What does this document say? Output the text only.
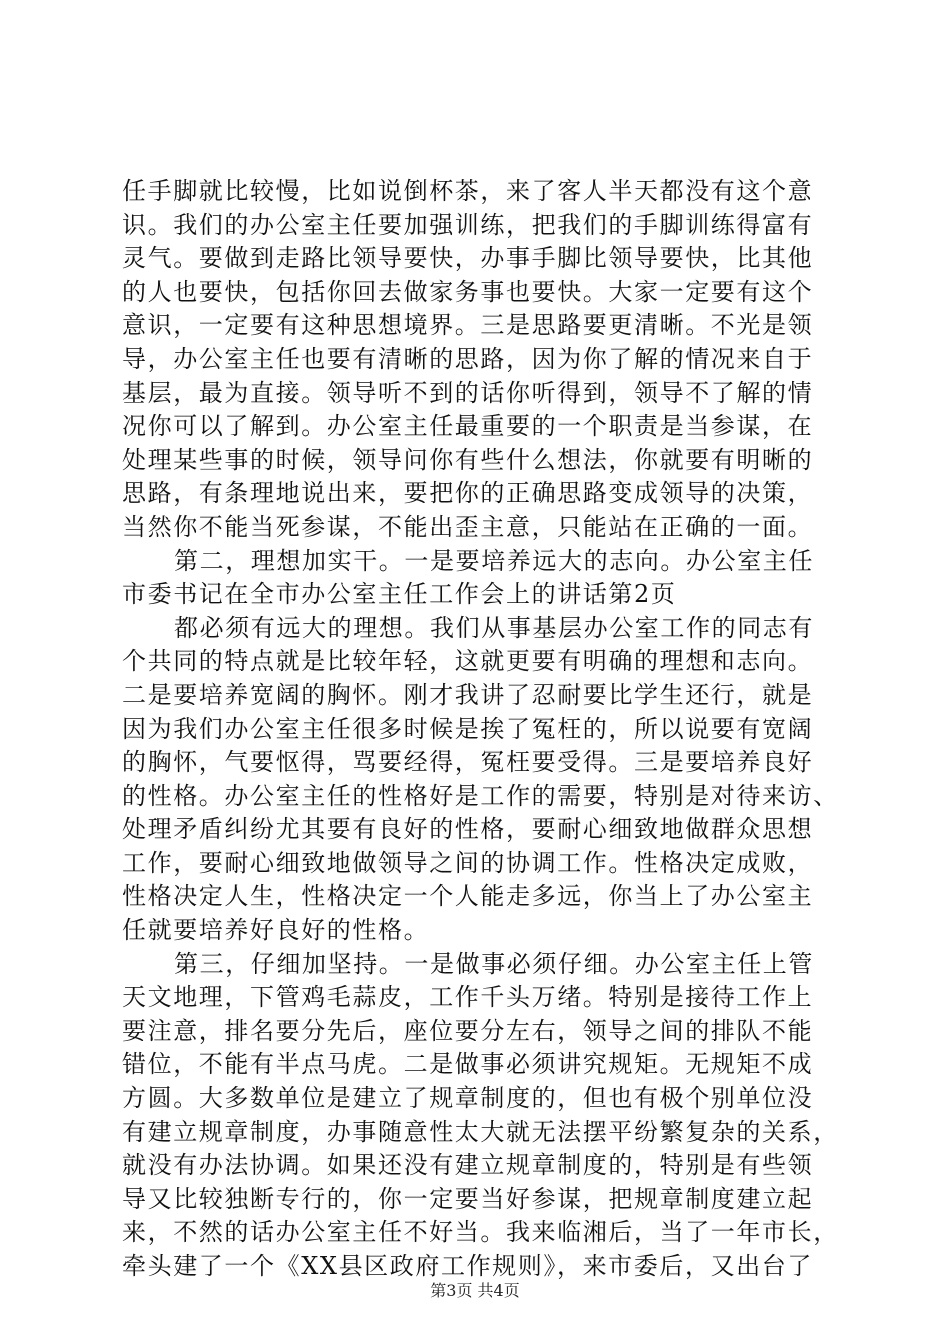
任手脚就比较慢，比如说倒杯茶，来了客人半天都没有这个意
识。我们的办公室主任要加强训练，把我们的手脚训练得富有
灵气。要做到走路比领导要快，办事手脚比领导要快，比其他
的人也要快，包括你回去做家务事也要快。大家一定要有这个
意识，一定要有这种思想境界。三是思路要更清晰。不光是领
导，办公室主任也要有清晰的思路，因为你了解的情况来自于
基层，最为直接。领导听不到的话你听得到，领导不了解的情
况你可以了解到。办公室主任最重要的一个职责是当参谋，在
处理某些事的时候，领导问你有些什么想法，你就要有明晰的
思路，有条理地说出来，要把你的正确思路变成领导的决策，
当然你不能当死参谋，不能出歪主意，只能站在正确的一面。
第二，理想加实干。一是要培养远大的志向。办公室主任
市委书记在全市办公室主任工作会上的讲话第2页
都必须有远大的理想。我们从事基层办公室工作的同志有
个共同的特点就是比较年轻，这就更要有明确的理想和志向。
二是要培养宽阔的胸怀。刚才我讲了忍耐要比学生还行，就是
因为我们办公室主任很多时候是挨了冤枉的，所以说要有宽阔
的胸怀，气要怄得，骂要经得，冤枉要受得。三是要培养良好
的性格。办公室主任的性格好是工作的需要，特别是对待来访、
处理矛盾纠纷尤其要有良好的性格，要耐心细致地做群众思想
工作，要耐心细致地做领导之间的协调工作。性格决定成败，
性格决定人生，性格决定一个人能走多远，你当上了办公室主
任就要培养好良好的性格。
第三，仔细加坚持。一是做事必须仔细。办公室主任上管
天文地理，下管鸡毛蒜皮，工作千头万绪。特别是接待工作上
要注意，排名要分先后，座位要分左右，领导之间的排队不能
错位，不能有半点马虎。二是做事必须讲究规矩。无规矩不成
方圆。大多数单位是建立了规章制度的，但也有极个别单位没
有建立规章制度，办事随意性太大就无法摆平纷繁复杂的关系，
就没有办法协调。如果还没有建立规章制度的，特别是有些领
导又比较独断专行的，你一定要当好参谋，把规章制度建立起
来，不然的话办公室主任不好当。我来临湘后，当了一年市长，
牵头建了一个《XX县区政府工作规则》，来市委后，又出台了
第3页 共4页
